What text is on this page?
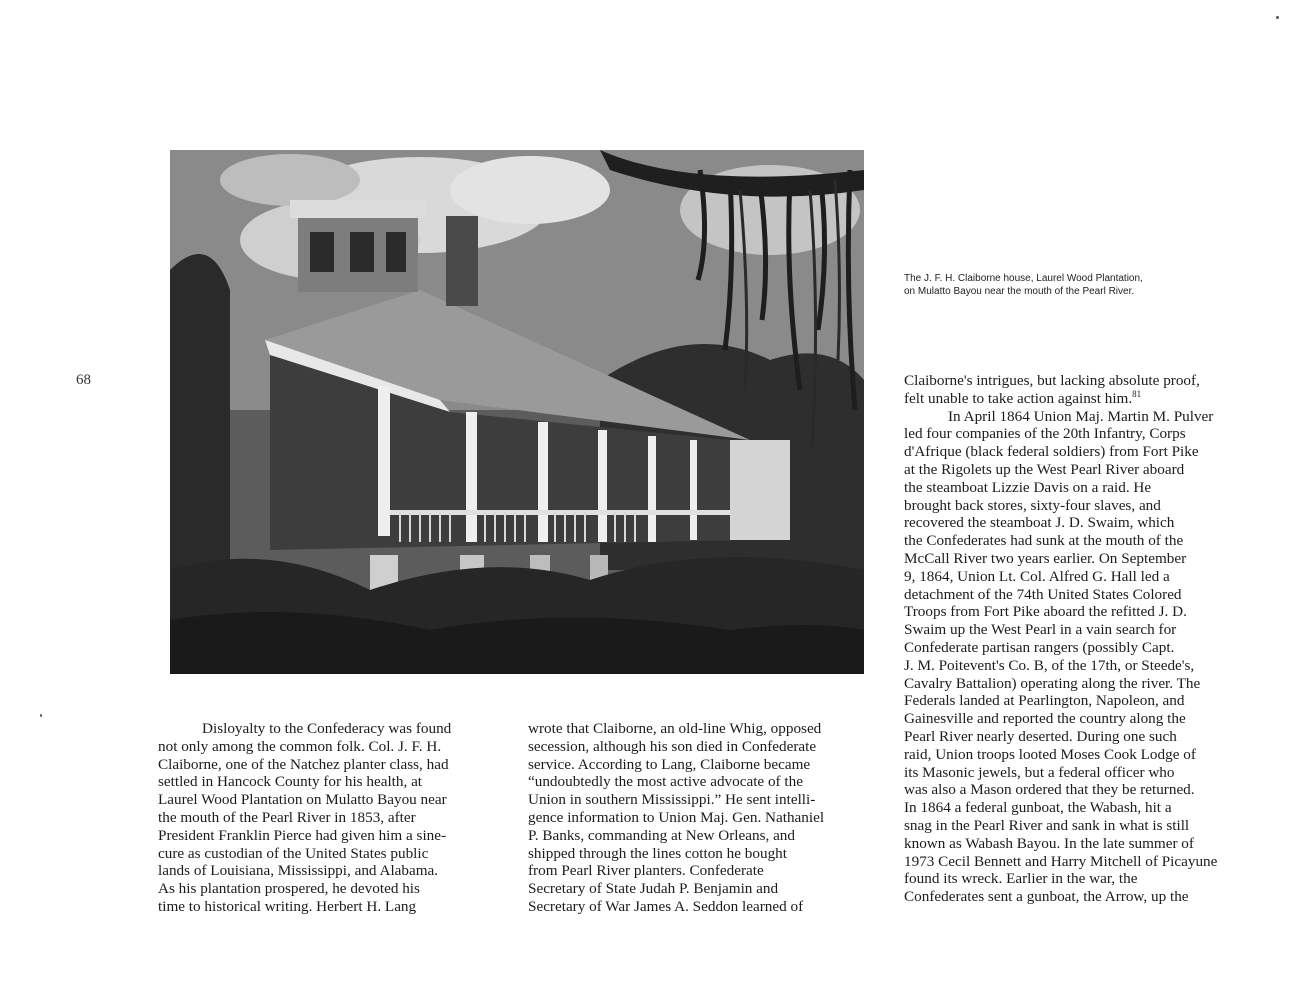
68
The J. F. H. Claiborne house, Laurel Wood Plantation,
on Mulatto Bayou near the mouth of the Pearl River.
Disloyalty to the Confederacy was found
not only among the common folk. Col. J. F. H.
Claiborne, one of the Natchez planter class, had
settled in Hancock County for his health, at
Laurel Wood Plantation on Mulatto Bayou near
the mouth of the Pearl River in 1853, after
President Franklin Pierce had given him a sine-
cure as custodian of the United States public
lands of Louisiana, Mississippi, and Alabama.
As his plantation prospered, he devoted his
time to historical writing. Herbert H. Lang
wrote that Claiborne, an old-line Whig, opposed
secession, although his son died in Confederate
service. According to Lang, Claiborne became
“undoubtedly the most active advocate of the
Union in southern Mississippi.” He sent intelli-
gence information to Union Maj. Gen. Nathaniel
P. Banks, commanding at New Orleans, and
shipped through the lines cotton he bought
from Pearl River planters. Confederate
Secretary of State Judah P. Benjamin and
Secretary of War James A. Seddon learned of
Claiborne's intrigues, but lacking absolute proof,
felt unable to take action against him.$^{81}$
In April 1864 Union Maj. Martin M. Pulver
led four companies of the 20th Infantry, Corps
d'Afrique (black federal soldiers) from Fort Pike
at the Rigolets up the West Pearl River aboard
the steamboat Lizzie Davis on a raid. He
brought back stores, sixty-four slaves, and
recovered the steamboat J. D. Swaim, which
the Confederates had sunk at the mouth of the
McCall River two years earlier. On September
9, 1864, Union Lt. Col. Alfred G. Hall led a
detachment of the 74th United States Colored
Troops from Fort Pike aboard the refitted J. D.
Swaim up the West Pearl in a vain search for
Confederate partisan rangers (possibly Capt.
J. M. Poitevent's Co. B, of the 17th, or Steede's,
Cavalry Battalion) operating along the river. The
Federals landed at Pearlington, Napoleon, and
Gainesville and reported the country along the
Pearl River nearly deserted. During one such
raid, Union troops looted Moses Cook Lodge of
its Masonic jewels, but a federal officer who
was also a Mason ordered that they be returned.
In 1864 a federal gunboat, the Wabash, hit a
snag in the Pearl River and sank in what is still
known as Wabash Bayou. In the late summer of
1973 Cecil Bennett and Harry Mitchell of Picayune
found its wreck. Earlier in the war, the
Confederates sent a gunboat, the Arrow, up the
